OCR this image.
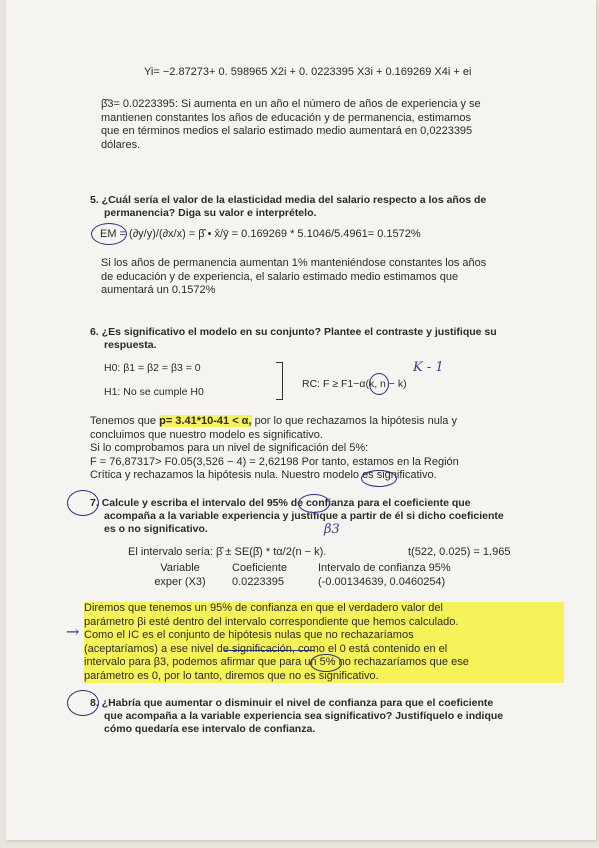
Yi= −2.87273+ 0. 598965 X2i + 0. 0223395 X3i + 0.169269 X4i + ei
β̂3= 0.0223395: Si aumenta en un año el número de años de experiencia y se
mantienen constantes los años de educación y de permanencia, estimamos
que en términos medios el salario estimado medio aumentará en 0,0223395
dólares.
5. ¿Cuál sería el valor de la elasticidad media del salario respecto a los años de
permanencia? Diga su valor e interprételo.
EM = (∂y/y)/(∂x/x) = β̂ • x̄/ȳ = 0.169269 * 5.1046/5.4961= 0.1572%
Si los años de permanencia aumentan 1% manteniéndose constantes los años
de educación y de experiencia, el salario estimado medio estimamos que
aumentará un 0.1572%
6. ¿Es significativo el modelo en su conjunto? Plantee el contraste y justifique su
respuesta.
H0: β1 = β2 = β3 = 0
H1: No se cumple H0
RC: F ≥ F1−α(k, n − k)
K - 1
Tenemos que p= 3.41*10-41 < α, por lo que rechazamos la hipótesis nula y
concluimos que nuestro modelo es significativo.
Si lo comprobamos para un nivel de significación del 5%:
F = 76,87317> F0.05(3,526 − 4) = 2,62198 Por tanto, estamos en la Región
Crítica y rechazamos la hipótesis nula. Nuestro modelo es significativo.
7. Calcule y escriba el intervalo del 95% de confianza para el coeficiente que
acompaña a la variable experiencia y justifique a partir de él si dicho coeficiente
es o no significativo.	β3
El intervalo sería: β̂ ± SE(β̂) * tα/2(n − k).	t(522, 0.025) = 1.965
Variable	Coeficiente	Intervalo de confianza 95%
exper (X3)	0.0223395	(-0.00134639, 0.0460254)
Diremos que tenemos un 95% de confianza en que el verdadero valor del
parámetro βi esté dentro del intervalo correspondiente que hemos calculado.
Como el IC es el conjunto de hipótesis nulas que no rechazaríamos
(aceptaríamos) a ese nivel de significación, como el 0 está contenido en el
intervalo para β3, podemos afirmar que para un 5% no rechazaríamos que ese
parámetro es 0, por lo tanto, diremos que no es significativo.
→
8. ¿Habría que aumentar o disminuir el nivel de confianza para que el coeficiente
que acompaña a la variable experiencia sea significativo? Justifíquelo e indique
cómo quedaría ese intervalo de confianza.
